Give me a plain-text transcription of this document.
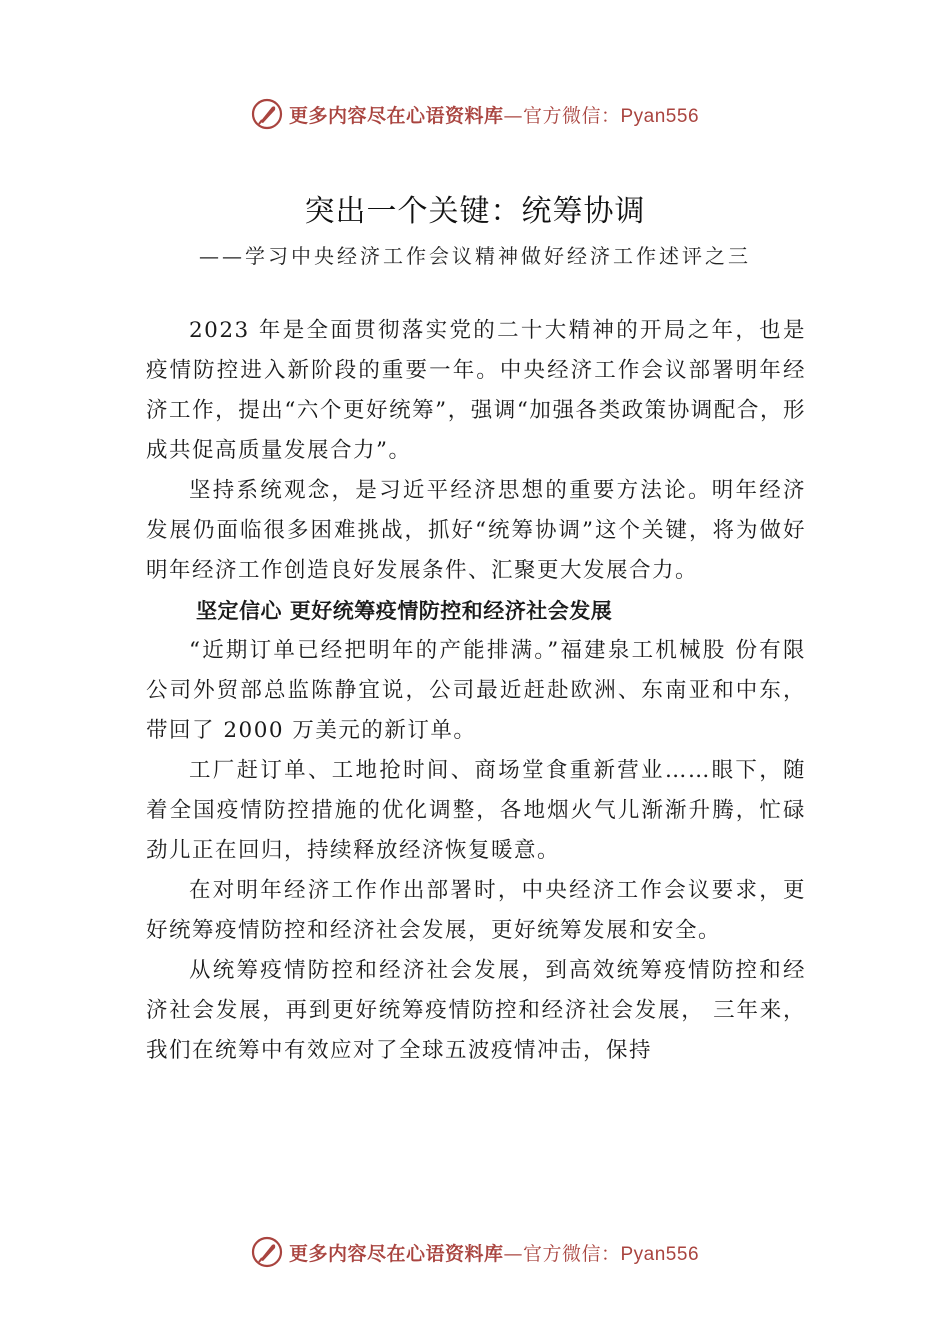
更多内容尽在心语资料库—官方微信：Pyan556
突出一个关键：统筹协调
——学习中央经济工作会议精神做好经济工作述评之三

2023 年是全面贯彻落实党的二十大精神的开局之年，也是疫情防控进入新阶段的重要一年。中央经济工作会议部署明年经济工作，提出“六个更好统筹”，强调“加强各类政策协调配合，形成共促高质量发展合力”。

坚持系统观念，是习近平经济思想的重要方法论。明年经济发展仍面临很多困难挑战，抓好“统筹协调”这个关键，将为做好明年经济工作创造良好发展条件、汇聚更大发展合力。

坚定信心 更好统筹疫情防控和经济社会发展

“近期订单已经把明年的产能排满。”福建泉工机械股 份有限公司外贸部总监陈静宜说，公司最近赶赴欧洲、东南亚和中东，带回了 2000 万美元的新订单。

工厂赶订单、工地抢时间、商场堂食重新营业……眼下，随着全国疫情防控措施的优化调整，各地烟火气儿渐渐升腾，忙碌劲儿正在回归，持续释放经济恢复暖意。

在对明年经济工作作出部署时，中央经济工作会议要求，更好统筹疫情防控和经济社会发展，更好统筹发展和安全。

从统筹疫情防控和经济社会发展，到高效统筹疫情防控和经济社会发展，再到更好统筹疫情防控和经济社会发展， 三年来，我们在统筹中有效应对了全球五波疫情冲击，保持

更多内容尽在心语资料库—官方微信：Pyan556
